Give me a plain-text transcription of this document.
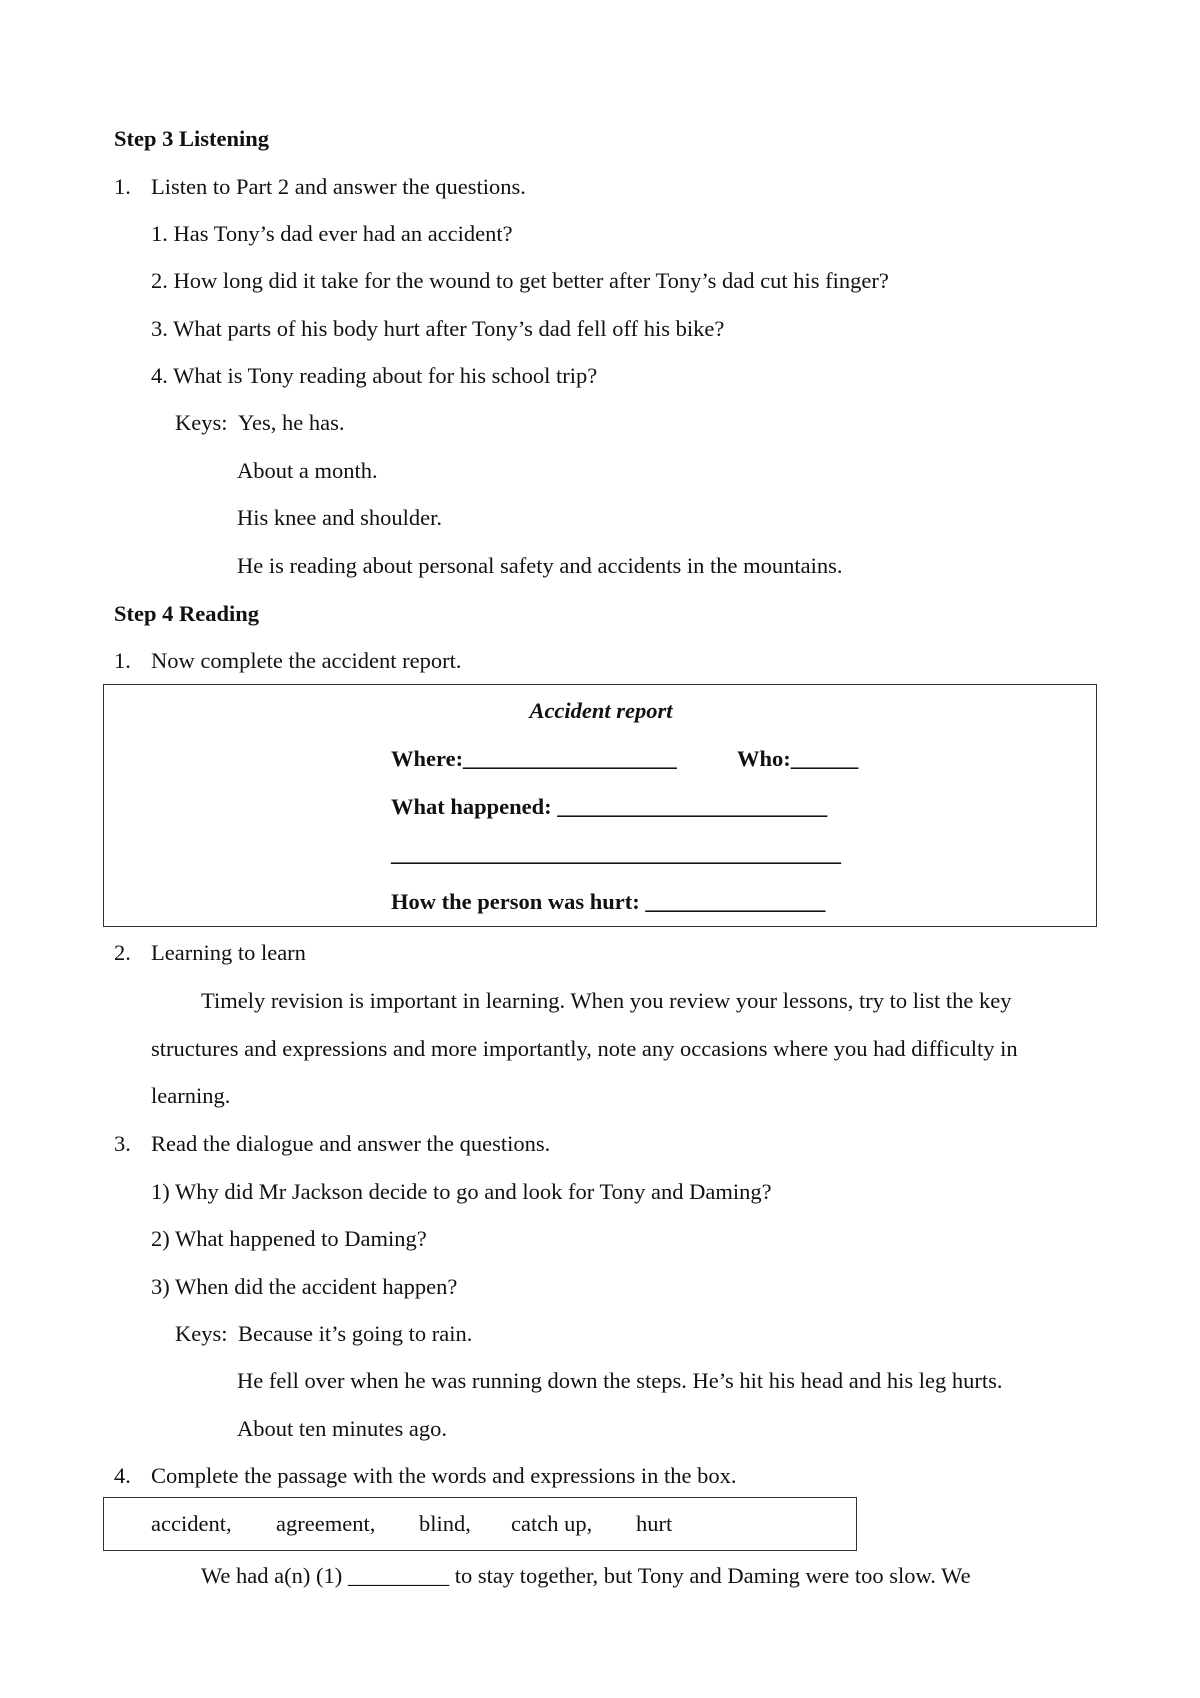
Step 3 Listening
1. Listen to Part 2 and answer the questions.
1. Has Tony’s dad ever had an accident?
2. How long did it take for the wound to get better after Tony’s dad cut his finger?
3. What parts of his body hurt after Tony’s dad fell off his bike?
4. What is Tony reading about for his school trip?
Keys: Yes, he has.
About a month.
His knee and shoulder.
He is reading about personal safety and accidents in the mountains.
Step 4 Reading
1. Now complete the accident report.
Accident report
Where:___________________	Who:______
What happened: ________________________
________________________________________
How the person was hurt: ________________
2. Learning to learn
Timely revision is important in learning. When you review your lessons, try to list the key
structures and expressions and more importantly, note any occasions where you had difficulty in
learning.
3. Read the dialogue and answer the questions.
1) Why did Mr Jackson decide to go and look for Tony and Daming?
2) What happened to Daming?
3) When did the accident happen?
Keys: Because it’s going to rain.
He fell over when he was running down the steps. He’s hit his head and his leg hurts.
About ten minutes ago.
4. Complete the passage with the words and expressions in the box.
accident, agreement, blind, catch up, hurt
We had a(n) (1) _________ to stay together, but Tony and Daming were too slow. We
